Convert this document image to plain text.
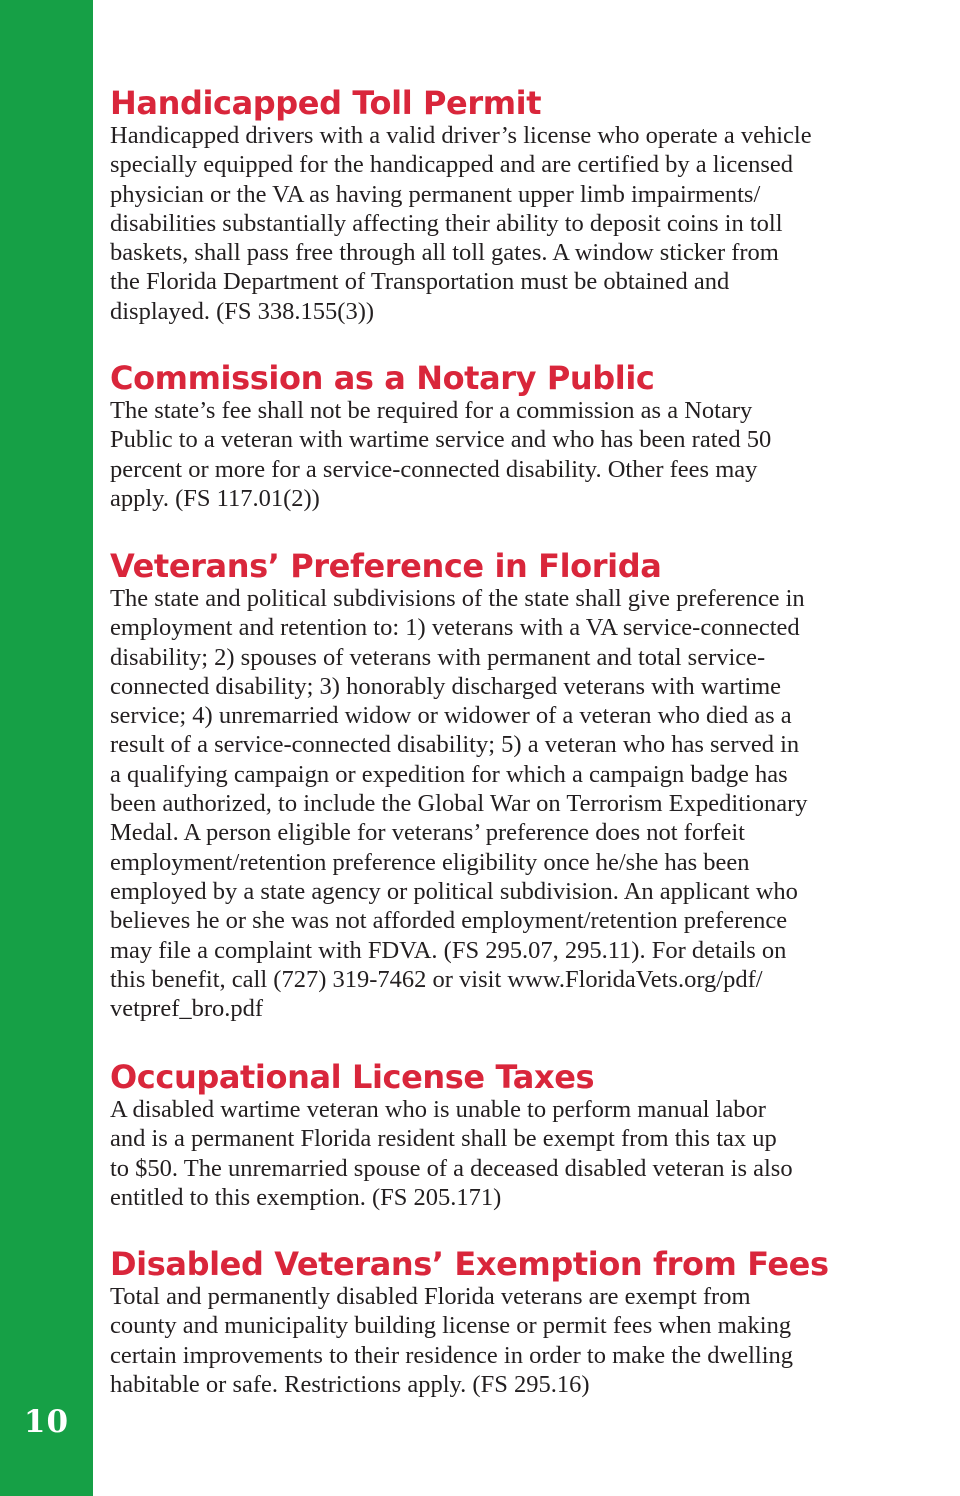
10
Handicapped Toll Permit

Handicapped drivers with a valid driver’s license who operate a vehicle
specially equipped for the handicapped and are certified by a licensed
physician or the VA as having permanent upper limb impairments/
disabilities substantially affecting their ability to deposit coins in toll
baskets, shall pass free through all toll gates. A window sticker from
the Florida Department of Transportation must be obtained and
displayed. (FS 338.155(3))

Commission as a Notary Public

The state’s fee shall not be required for a commission as a Notary
Public to a veteran with wartime service and who has been rated 50
percent or more for a service-connected disability. Other fees may
apply. (FS 117.01(2))

Veterans’ Preference in Florida

The state and political subdivisions of the state shall give preference in
employment and retention to: 1) veterans with a VA service-connected
disability; 2) spouses of veterans with permanent and total service-
connected disability; 3) honorably discharged veterans with wartime
service; 4) unremarried widow or widower of a veteran who died as a
result of a service-connected disability; 5) a veteran who has served in
a qualifying campaign or expedition for which a campaign badge has
been authorized, to include the Global War on Terrorism Expeditionary
Medal. A person eligible for veterans’ preference does not forfeit
employment/retention preference eligibility once he/she has been
employed by a state agency or political subdivision. An applicant who
believes he or she was not afforded employment/retention preference
may file a complaint with FDVA. (FS 295.07, 295.11). For details on
this benefit, call (727) 319-7462 or visit www.FloridaVets.org/pdf/
vetpref_bro.pdf

Occupational License Taxes

A disabled wartime veteran who is unable to perform manual labor
and is a permanent Florida resident shall be exempt from this tax up
to $50. The unremarried spouse of a deceased disabled veteran is also
entitled to this exemption. (FS 205.171)

Disabled Veterans’ Exemption from Fees

Total and permanently disabled Florida veterans are exempt from
county and municipality building license or permit fees when making
certain improvements to their residence in order to make the dwelling
habitable or safe. Restrictions apply. (FS 295.16)
